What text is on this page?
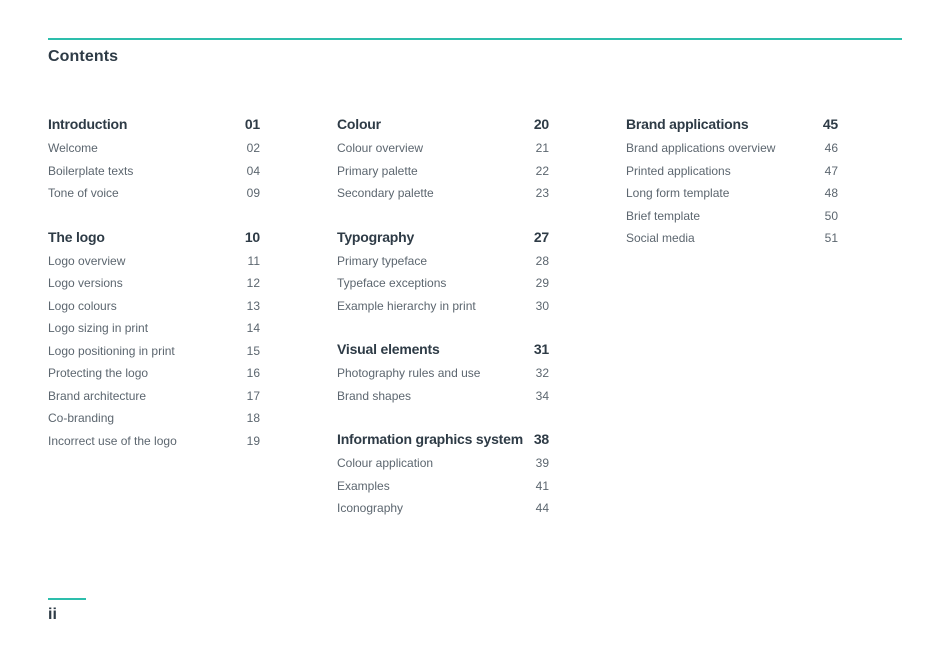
Contents
Introduction	01
Welcome	02
Boilerplate texts	04
Tone of voice	09
The logo	10
Logo overview	11
Logo versions	12
Logo colours	13
Logo sizing in print	14
Logo positioning in print	15
Protecting the logo	16
Brand architecture	17
Co-branding	18
Incorrect use of the logo	19
Colour	20
Colour overview	21
Primary palette	22
Secondary palette	23
Typography	27
Primary typeface	28
Typeface exceptions	29
Example hierarchy in print	30
Visual elements	31
Photography rules and use	32
Brand shapes	34
Information graphics system 38
Colour application	39
Examples	41
Iconography	44
Brand applications	45
Brand applications overview	46
Printed applications	47
Long form template	48
Brief template	50
Social media	51
ii
